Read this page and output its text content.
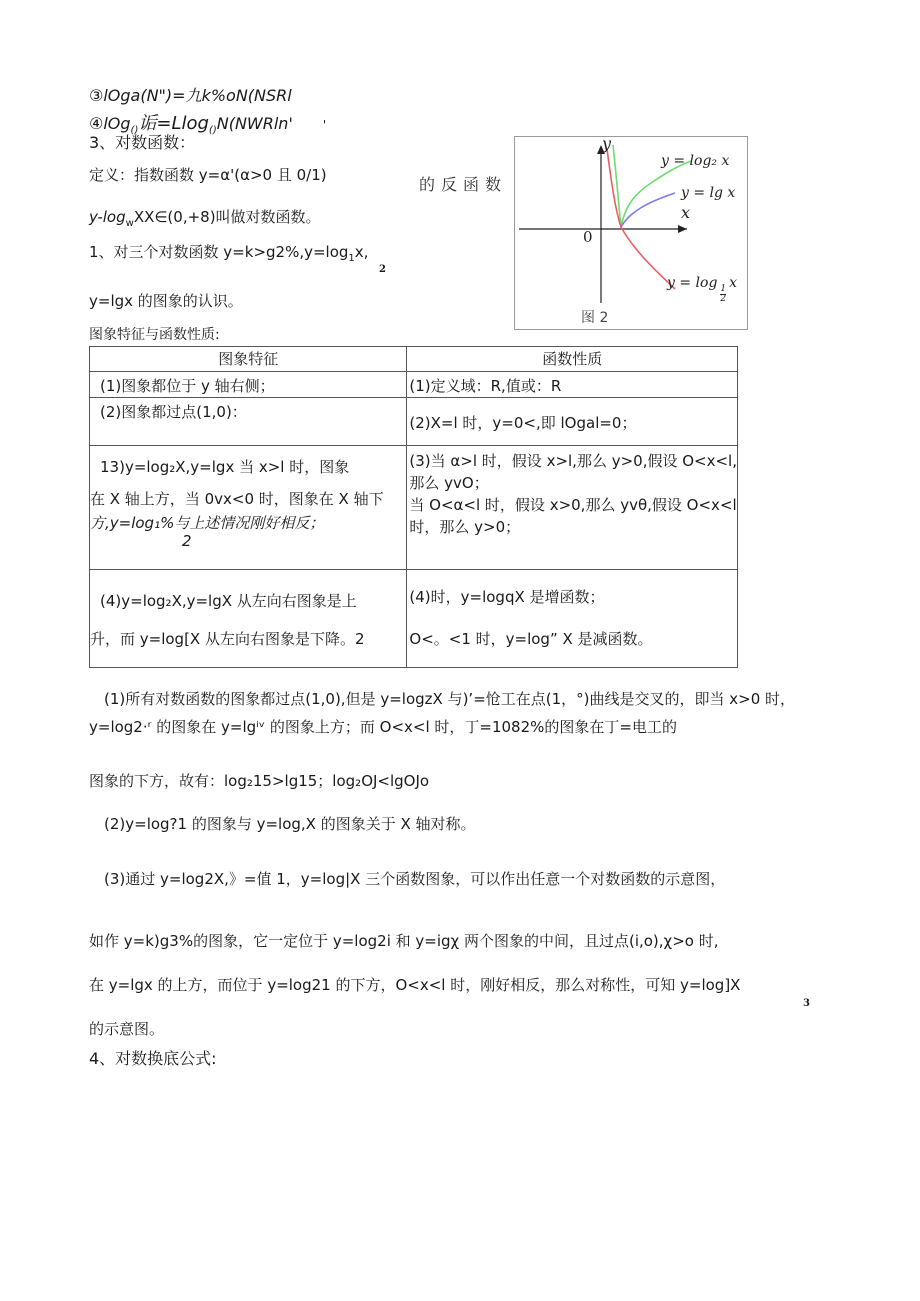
③lOga(N")=九k%oN(NSRl
④lOg$_{()}$诟=Llog$_{()}$N(NWRln'	'
3、对数函数：
定义：指数函数 y=α'(α>0 且 0/1)
$y-\log_wXX\in(0,+8)$叫做对数函数。
1、对三个对数函数 $y=k>g2\%,y=\log_1x$,
2
y=lgx 的图象的认识。
的反函数
y
x
0
y = log₂ x
y = lg x
y = log
$\frac{1}{2}$
x
图 2
图象特征与函数性质:
图象特征	函数性质

(1)图象都位于 y 轴右侧；	(1)定义域：R,值或：R

(2)图象都过点(1,0)：	(2)X=l 时，y=0<,即 lOgal=0；

13)y=log₂X,y=lgx 当 x>l 时，图象
在 X 轴上方，当 0vx<0 时，图象在 X 轴下
方,y=log₁%与上述情况刚好相反；
2	(3)当 α>l 时，假设 x>l,那么 y>0,假设 O<x<l,
那么 yvO；
当 O<α<l 时，假设 x>0,那么 yvθ,假设 O<x<l
时，那么 y>0；

(4)y=log₂X,y=lgX 从左向右图象是上
升，而 y=log[X 从左向右图象是下降。2	(4)时，y=logqX 是增函数；
O<。<1 时，y=log” X 是减函数。
(1)所有对数函数的图象都过点(1,0),但是 y=logzX 与)’=怆工在点(1，°)曲线是交叉的，即当 x>0 时，
y=log2·ʳ 的图象在 y=lgⁱᵛ 的图象上方；而 O<x<l 时，丁=1082%的图象在丁=电工的
图象的下方，故有：log₂15>lg15；log₂OJ<lgOJo
(2)y=log?1 的图象与 y=log,X 的图象关于 X 轴对称。
(3)通过 y=log2X,》=值 1，y=log|X 三个函数图象，可以作出任意一个对数函数的示意图，
如作 y=k)g3%的图象，它一定位于 y=log2i 和 y=igχ 两个图象的中间，且过点(i,o),χ>o 时,
在 y=lgx 的上方，而位于 y=log21 的下方，O<x<l 时，刚好相反，那么对称性，可知 y=log]X
3
的示意图。
4、对数换底公式:
